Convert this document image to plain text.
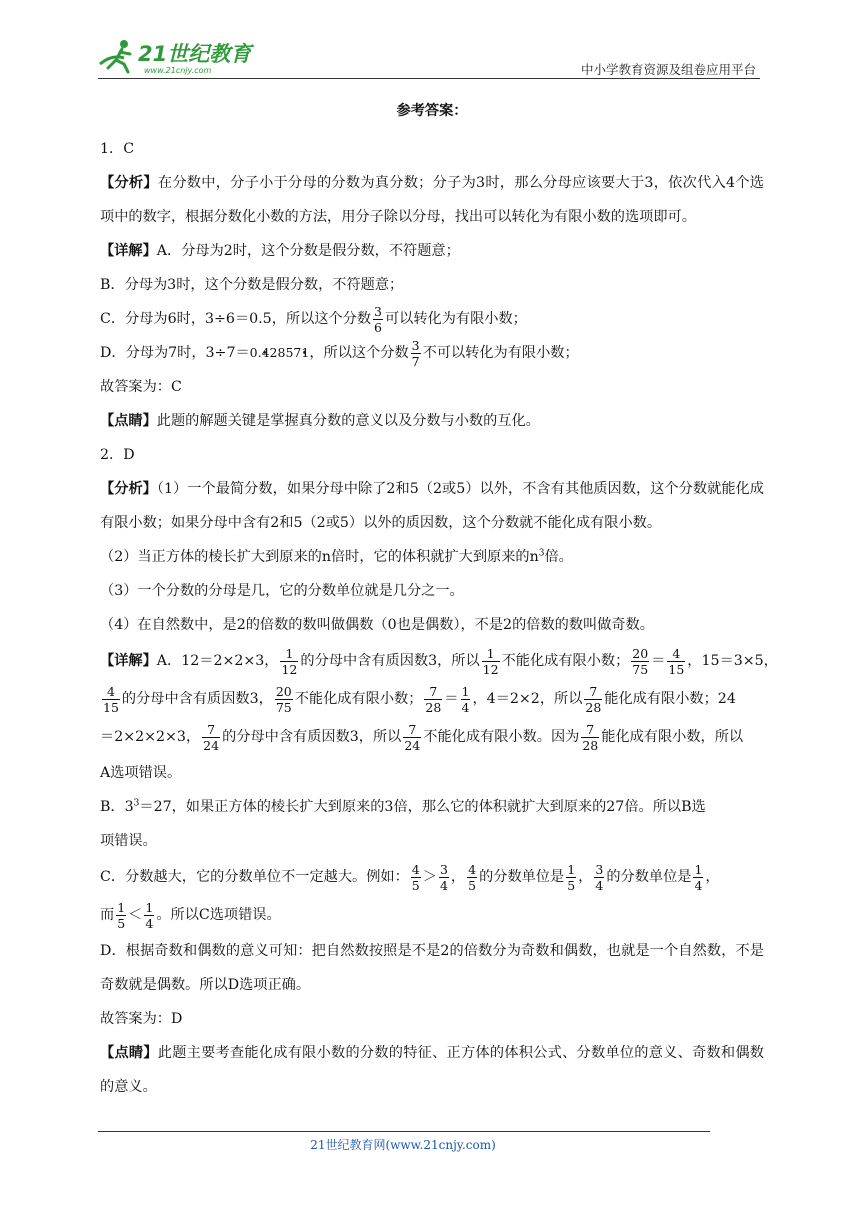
21世纪教育
www.21cnjy.com	中小学教育资源及组卷应用平台
参考答案：
1．C
【分析】在分数中，分子小于分母的分数为真分数；分子为3时，那么分母应该要大于3，依次代入4个选项中的数字，根据分数化小数的方法，用分子除以分母，找出可以转化为有限小数的选项即可。
【详解】A．分母为2时，这个分数是假分数，不符题意；
B．分母为3时，这个分数是假分数，不符题意；
C．分母为6时，3÷6＝0.5，所以这个分数 $\frac{3}{6}$ 可以转化为有限小数；
D．分母为7时，3÷7＝0.• 42857• 1，所以这个分数 $\frac{3}{7}$ 不可以转化为有限小数；
故答案为：C
【点睛】此题的解题关键是掌握真分数的意义以及分数与小数的互化。
2．D
【分析】（1）一个最简分数，如果分母中除了2和5（2或5）以外，不含有其他质因数，这个分数就能化成有限小数；如果分母中含有2和5（2或5）以外的质因数，这个分数就不能化成有限小数。
（2）当正方体的棱长扩大到原来的n倍时，它的体积就扩大到原来的$n^3$倍。
（3）一个分数的分母是几，它的分数单位就是几分之一。
（4）在自然数中，是2的倍数的数叫做偶数（0也是偶数），不是2的倍数的数叫做奇数。
【详解】A．12＝2×2×3， $\frac{1}{12}$ 的分母中含有质因数3，所以 $\frac{1}{12}$ 不能化成有限小数； $\frac{20}{75} = \frac{4}{15}$ ，15＝3×5，
$\frac{4}{15}$ 的分母中含有质因数3， $\frac{20}{75}$ 不能化成有限小数； $\frac{7}{28} = \frac{1}{4}$ ，4＝2×2，所以 $\frac{7}{28}$ 能化成有限小数；24
＝2×2×2×3， $\frac{7}{24}$ 的分母中含有质因数3，所以 $\frac{7}{24}$ 不能化成有限小数。因为 $\frac{7}{28}$ 能化成有限小数，所以
A选项错误。
B．$3^3=27$，如果正方体的棱长扩大到原来的3倍，那么它的体积就扩大到原来的27倍。所以B选
项错误。
C．分数越大，它的分数单位不一定越大。例如： $\frac{4}{5} > \frac{3}{4}$ ， $\frac{4}{5}$ 的分数单位是 $\frac{1}{5}$ ， $\frac{3}{4}$ 的分数单位是 $\frac{1}{4}$ ，
而 $\frac{1}{5} < \frac{1}{4}$ 。所以C选项错误。
D．根据奇数和偶数的意义可知：把自然数按照是不是2的倍数分为奇数和偶数，也就是一个自然数，不是奇数就是偶数。所以D选项正确。
故答案为：D
【点睛】此题主要考查能化成有限小数的分数的特征、正方体的体积公式、分数单位的意义、奇数和偶数的意义。
21世纪教育网(www.21cnjy.com)
